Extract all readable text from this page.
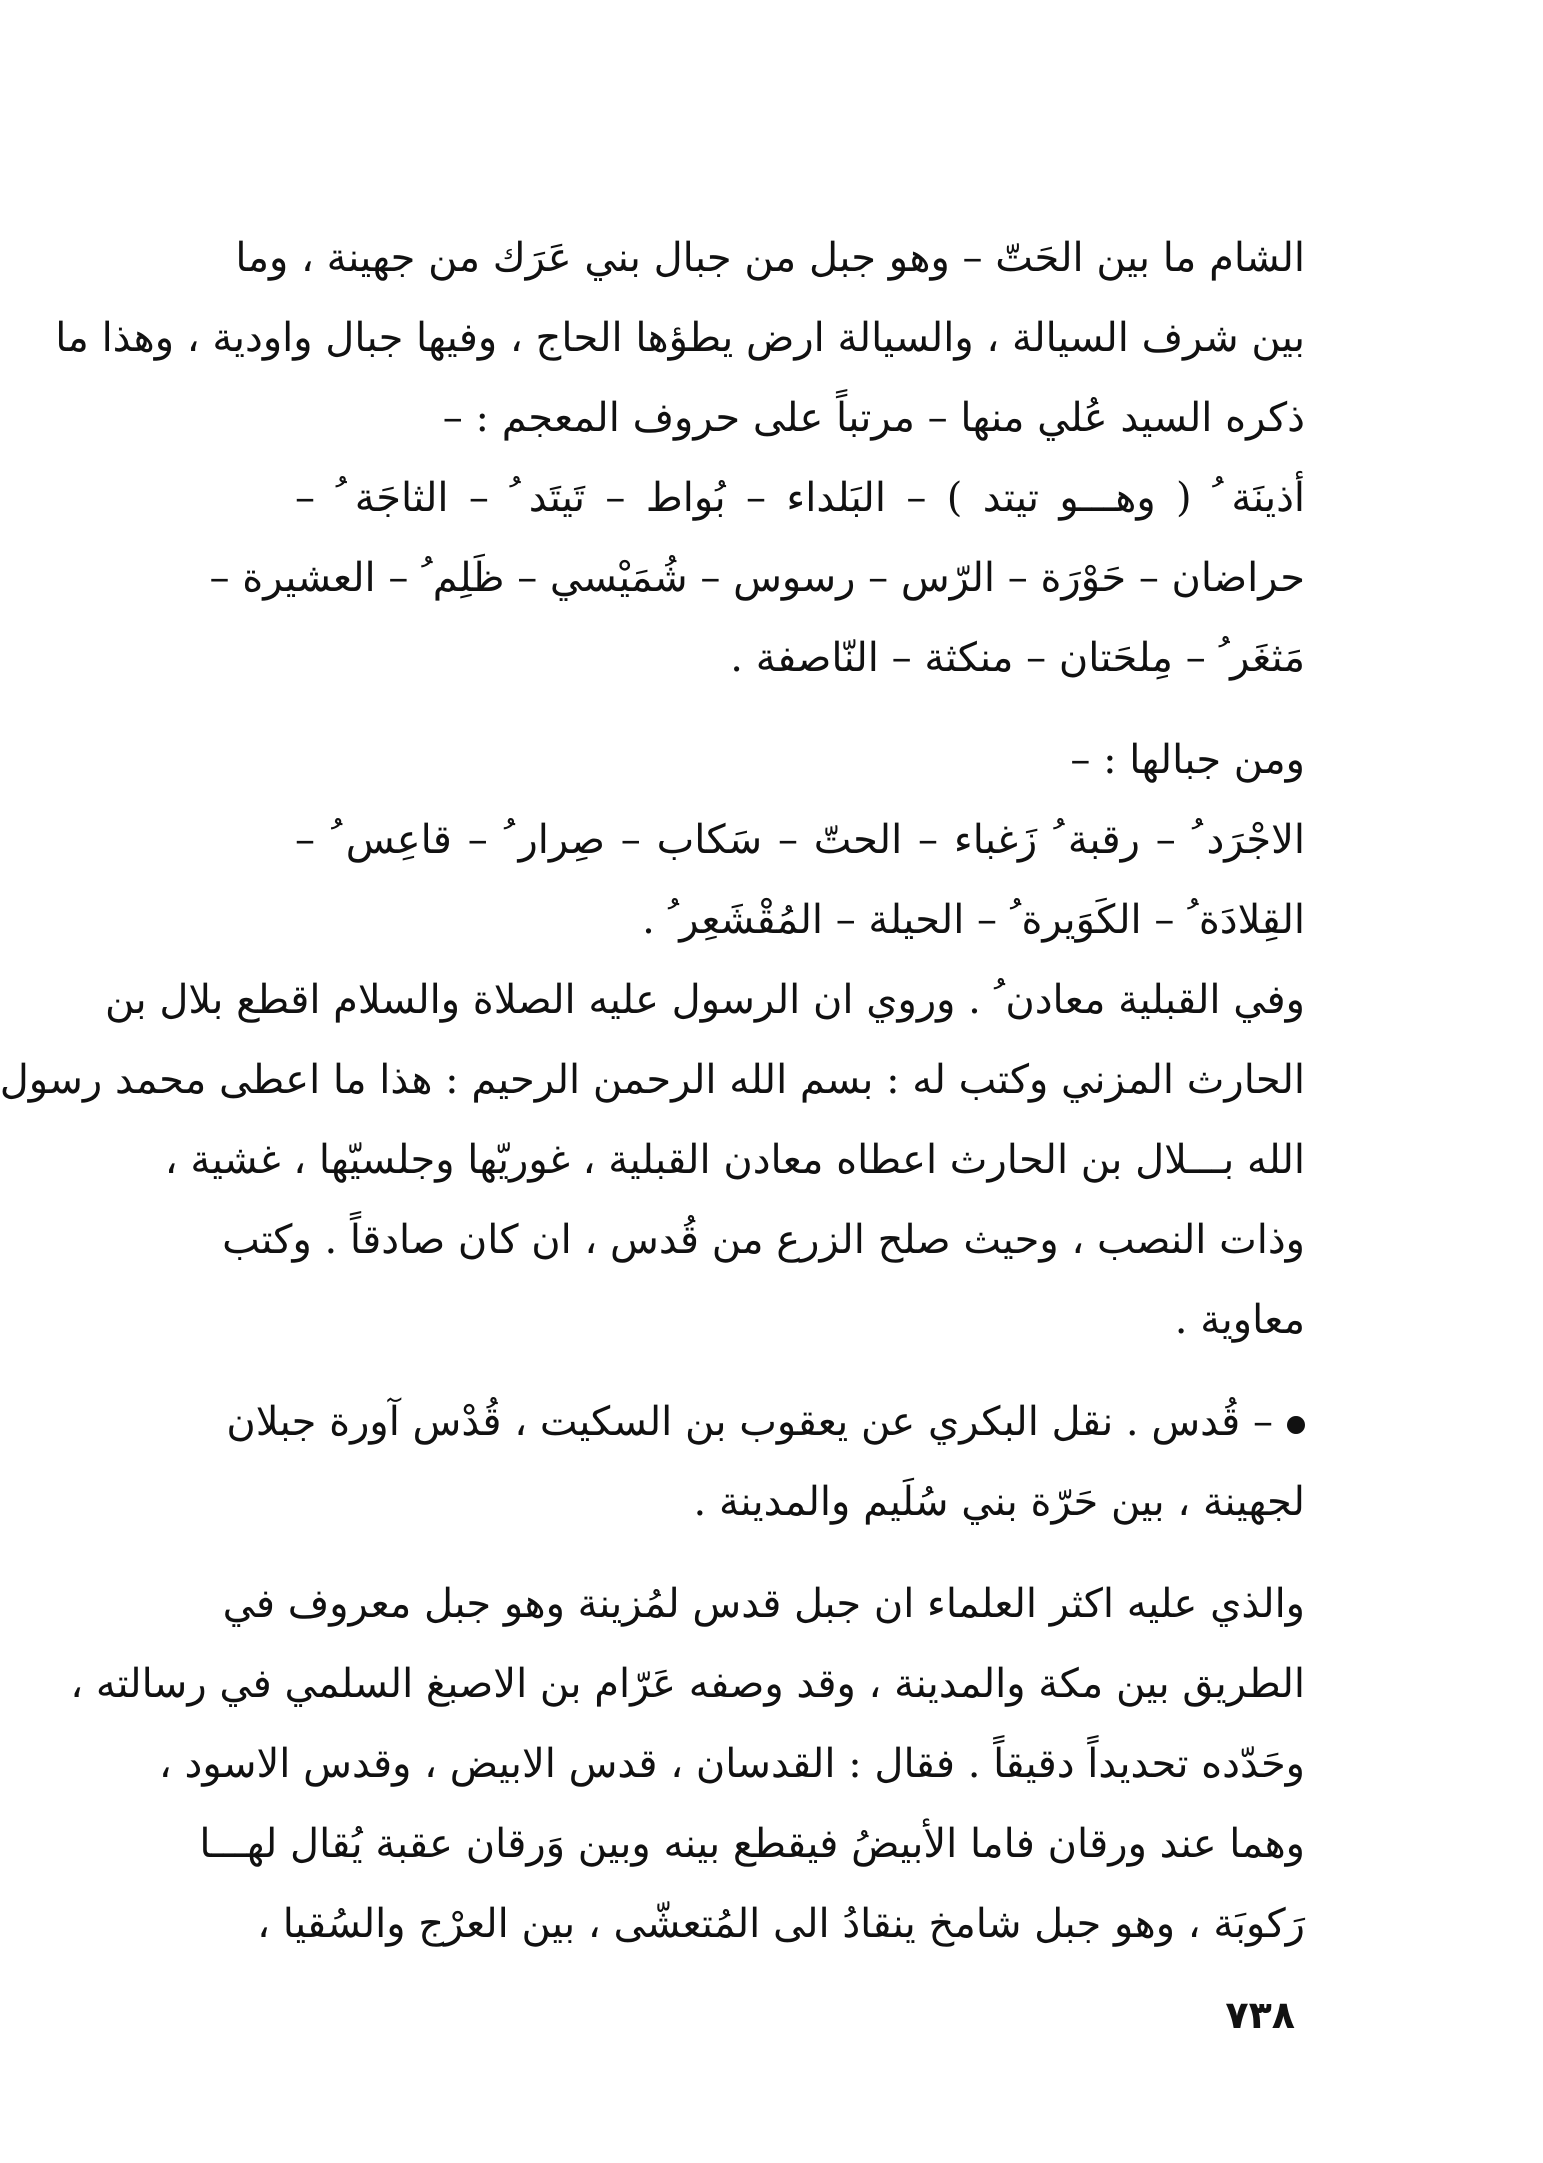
الشام ما بين الحَتّ – وهو جبل من جبال بني عَرَك من جهينة ، وما
بين شرف السيالة ، والسيالة ارض يطؤها الحاج ، وفيها جبال واودية ، وهذا ما
ذكره السيد عُلي منها – مرتباً على حروف المعجم : –
أذينَة ُ ( وهـــو تيتد ) – البَلداء – بُواط – تَيتَد ُ – الثاجَة ُ –
حراضان – حَوْرَة – الرّس – رسوس – شُمَيْسي – ظَلِم ُ – العشيرة –
مَثغَر ُ – مِلحَتان – منكثة – النّاصفة .
ومن جبالها : –
الاجْرَد ُ – رقبة ُ زَغباء – الحتّ – سَكاب – صِرار ُ – قاعِس ُ –
القِلادَة ُ – الكَوَيرة ُ – الحيلة – المُقْشَعِر ُ .
وفي القبلية معادن ُ . وروي ان الرسول عليه الصلاة والسلام اقطع بلال بن
الحارث المزني وكتب له : بسم الله الرحمن الرحيم : هذا ما اعطى محمد رسول
الله بـــلال بن الحارث اعطاه معادن القبلية ، غوريّها وجلسيّها ، غشية ،
وذات النصب ، وحيث صلح الزرع من قُدس ، ان كان صادقاً . وكتب
معاوية .
– قُدس . نقل البكري عن يعقوب بن السكيت ، قُدْس آورة جبلان
لجهينة ، بين حَرّة بني سُلَيم والمدينة .
والذي عليه اكثر العلماء ان جبل قدس لمُزينة وهو جبل معروف في
الطريق بين مكة والمدينة ، وقد وصفه عَرّام بن الاصبغ السلمي في رسالته ،
وحَدّده تحديداً دقيقاً . فقال : القدسان ، قدس الابيض ، وقدس الاسود ،
وهما عند ورقان فاما الأبيضُ فيقطع بينه وبين وَرقان عقبة يُقال لهـــا
رَكوبَة ، وهو جبل شامخ ينقادُ الى المُتعشّى ، بين العرْج والسُقيا ،
٧٣٨
